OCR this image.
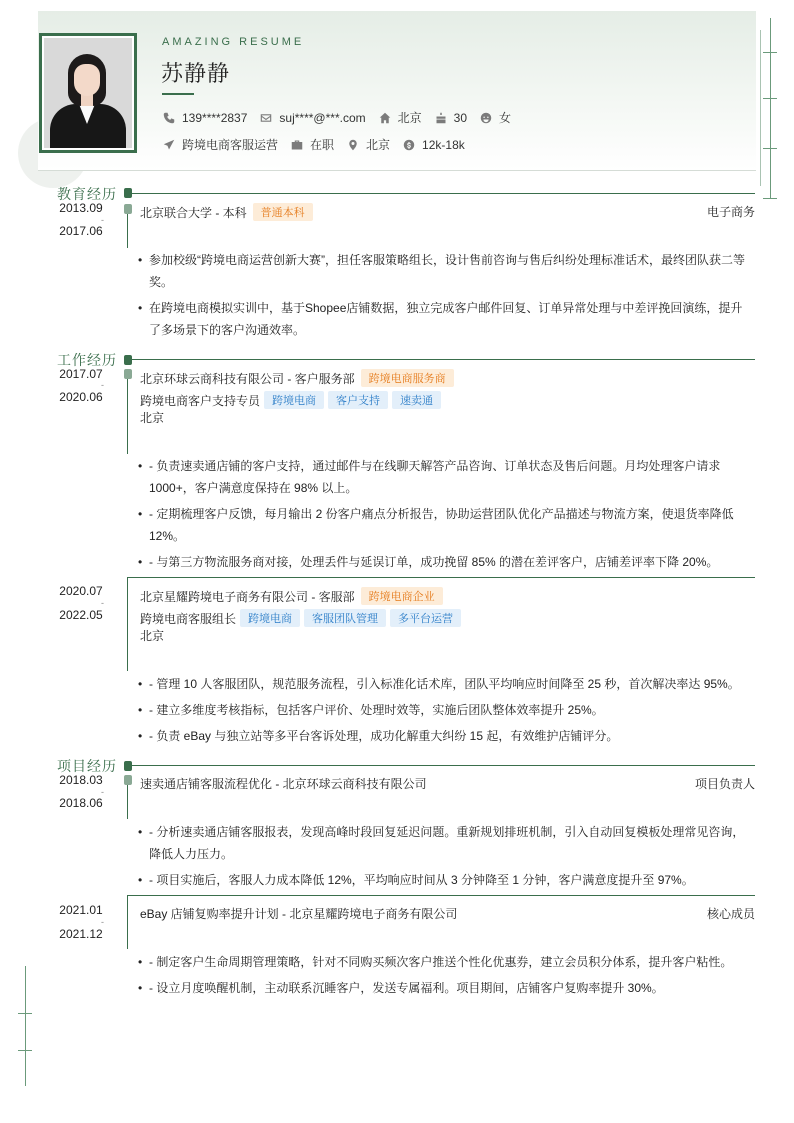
AMAZING RESUME
苏静静
139****2837	suj****@***.com	北京	30	女
跨境电商客服运营	在职	北京	12k-18k
教育经历
2013.09
-
2017.06
北京联合大学 - 本科	普通本科	电子商务
• 参加校级“跨境电商运营创新大赛”，担任客服策略组长，设计售前咨询与售后纠纷处理标准话术，最终团队获二等奖。
• 在跨境电商模拟实训中，基于Shopee店铺数据，独立完成客户邮件回复、订单异常处理与中差评挽回演练，提升了多场景下的客户沟通效率。
工作经历
2017.07
-
2020.06
北京环球云商科技有限公司 - 客户服务部	跨境电商服务商
跨境电商客户支持专员	跨境电商	客户支持	速卖通
北京
• - 负责速卖通店铺的客户支持，通过邮件与在线聊天解答产品咨询、订单状态及售后问题。月均处理客户请求1000+，客户满意度保持在 98% 以上。
• - 定期梳理客户反馈，每月输出 2 份客户痛点分析报告，协助运营团队优化产品描述与物流方案，使退货率降低12%。
• - 与第三方物流服务商对接，处理丢件与延误订单，成功挽留 85% 的潜在差评客户，店铺差评率下降 20%。
2020.07
-
2022.05
北京星耀跨境电子商务有限公司 - 客服部	跨境电商企业
跨境电商客服组长	跨境电商	客服团队管理	多平台运营
北京
• - 管理 10 人客服团队，规范服务流程，引入标准化话术库，团队平均响应时间降至 25 秒，首次解决率达 95%。
• - 建立多维度考核指标，包括客户评价、处理时效等，实施后团队整体效率提升 25%。
• - 负责 eBay 与独立站等多平台客诉处理，成功化解重大纠纷 15 起，有效维护店铺评分。
项目经历
2018.03
-
2018.06
速卖通店铺客服流程优化 - 北京环球云商科技有限公司	项目负责人
• - 分析速卖通店铺客服报表，发现高峰时段回复延迟问题。重新规划排班机制，引入自动回复模板处理常见咨询，降低人力压力。
• - 项目实施后，客服人力成本降低 12%，平均响应时间从 3 分钟降至 1 分钟，客户满意度提升至 97%。
2021.01
-
2021.12
eBay 店铺复购率提升计划 - 北京星耀跨境电子商务有限公司	核心成员
• - 制定客户生命周期管理策略，针对不同购买频次客户推送个性化优惠券，建立会员积分体系，提升客户粘性。
• - 设立月度唤醒机制，主动联系沉睡客户，发送专属福利。项目期间，店铺客户复购率提升 30%。
